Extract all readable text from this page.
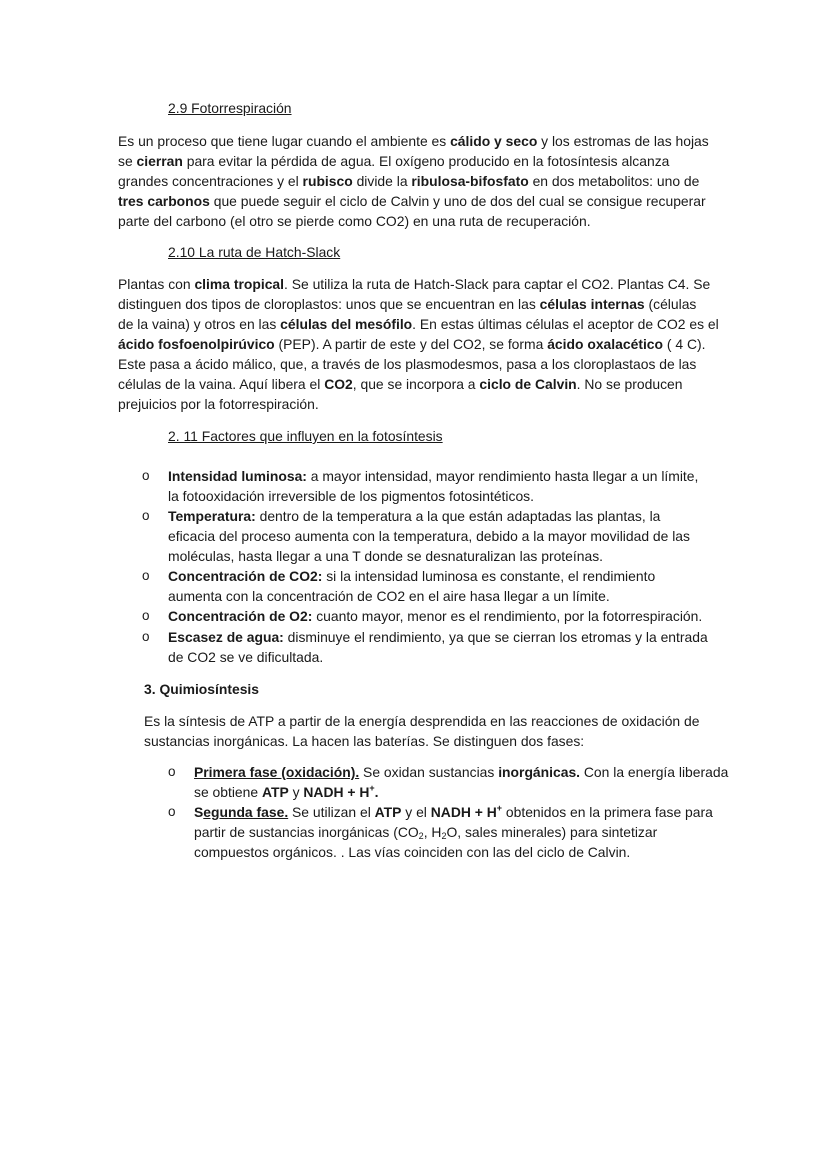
2.9 Fotorrespiración
Es un proceso que tiene lugar cuando el ambiente es cálido y seco y los estromas de las hojas
se cierran para evitar la pérdida de agua. El oxígeno producido en la fotosíntesis alcanza
grandes concentraciones y el rubisco divide la ribulosa-bifosfato en dos metabolitos: uno de
tres carbonos que puede seguir el ciclo de Calvin y uno de dos del cual se consigue recuperar
parte del carbono (el otro se pierde como CO2) en una ruta de recuperación.
2.10 La ruta de Hatch-Slack
Plantas con clima tropical. Se utiliza la ruta de Hatch-Slack para captar el CO2. Plantas C4. Se
distinguen dos tipos de cloroplastos: unos que se encuentran en las células internas (células
de la vaina) y otros en las células del mesófilo. En estas últimas células el aceptor de CO2 es el
ácido fosfoenolpirúvico (PEP). A partir de este y del CO2, se forma ácido oxalacético ( 4 C).
Este pasa a ácido málico, que, a través de los plasmodesmos, pasa a los cloroplastaos de las
células de la vaina. Aquí libera el CO2, que se incorpora a ciclo de Calvin. No se producen
prejuicios por la fotorrespiración.
2. 11 Factores que influyen en la fotosíntesis
o Intensidad luminosa: a mayor intensidad, mayor rendimiento hasta llegar a un límite,
la fotooxidación irreversible de los pigmentos fotosintéticos.
o Temperatura: dentro de la temperatura a la que están adaptadas las plantas, la
eficacia del proceso aumenta con la temperatura, debido a la mayor movilidad de las
moléculas, hasta llegar a una T donde se desnaturalizan las proteínas.
o Concentración de CO2: si la intensidad luminosa es constante, el rendimiento
aumenta con la concentración de CO2 en el aire hasa llegar a un límite.
o Concentración de O2: cuanto mayor, menor es el rendimiento, por la fotorrespiración.
o Escasez de agua: disminuye el rendimiento, ya que se cierran los etromas y la entrada
de CO2 se ve dificultada.
3. Quimiosíntesis
Es la síntesis de ATP a partir de la energía desprendida en las reacciones de oxidación de
sustancias inorgánicas. La hacen las baterías. Se distinguen dos fases:
o Primera fase (oxidación). Se oxidan sustancias inorgánicas. Con la energía liberada
se obtiene ATP y NADH + H+.
o Segunda fase. Se utilizan el ATP y el NADH + H+ obtenidos en la primera fase para
partir de sustancias inorgánicas ($CO_2$, $H_2O$, sales minerales) para sintetizar
compuestos orgánicos. . Las vías coinciden con las del ciclo de Calvin.
